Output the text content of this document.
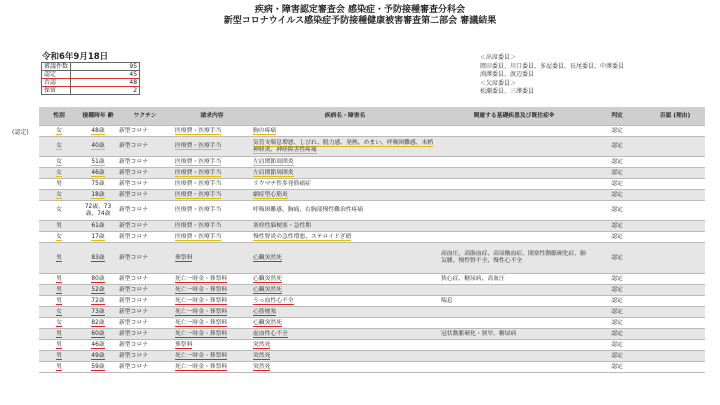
疾病・障害認定審査会 感染症・予防接種審査分科会
新型コロナウイルス感染症予防接種健康被害審査第二部会 審議結果
令和6年9月18日
審議件数	95
認定	45
否認	48
保留	2
＜出席委員＞
岡田委員、川口委員、多屋委員、長尾委員、中澤委員
渕澤委員、渡辺委員
＜欠席委員＞
松瀬委員、三澤委員
(認定)
性別	接種時年 齢	ワクチン	請求内容	疾病名・障害名	関連する基礎疾患及び既往症※	判定	否認 (理由)
女	48歳	新型コロナ	医療費・医療手当	胸の疼痛		認定	
女	40歳	新型コロナ	医療費・医療手当	気管支喘息増悪、しびれ、脱力感、発熱、めまい、呼吸困難感、末梢神経炎、神経障害性疼痛		認定	
女	51歳	新型コロナ	医療費・医療手当	左肩関節周囲炎		認定	
女	46歳	新型コロナ	医療費・医療手当	左肩関節周囲炎		認定	
男	75歳	新型コロナ	医療費・医療手当	リウマチ性多発筋痛症		認定	
女	18歳	新型コロナ	医療費・医療手当	劇症型心筋炎		認定	
女	72歳、73歳、74歳	新型コロナ	医療費・医療手当	呼吸困難感、胸痛、右胸部慢性難治性疼痛		認定	
男	61歳	新型コロナ	医療費・医療手当	塞栓性脳梗塞・急性期		認定	
女	17歳	新型コロナ	医療費・医療手当	慢性腎炎の急性増悪、ステロイドざ瘡		認定	
男	83歳	新型コロナ	葬祭料	心臓突然死	高血圧、高脂血症、高尿酸血症、閉塞性動脈硬化症、肺気腫、慢性腎不全、慢性心不全	認定	
男	80歳	新型コロナ	死亡一時金・葬祭料	心臓突然死	狭心症、糖尿病、高血圧	認定	
男	52歳	新型コロナ	死亡一時金・葬祭料	心臓突然死		認定	
男	72歳	新型コロナ	死亡一時金・葬祭料	うっ血性心不全	喘息	認定	
女	73歳	新型コロナ	死亡一時金・葬祭料	心筋梗塞		認定	
女	82歳	新型コロナ	死亡一時金・葬祭料	心臓突然死		認定	
男	60歳	新型コロナ	死亡一時金・葬祭料	虚血性心不全	冠状動脈硬化・狭窄、糖尿病	認定	
男	46歳	新型コロナ	葬祭料	突然死		認定	
男	49歳	新型コロナ	死亡一時金・葬祭料	突然死		認定	
男	59歳	新型コロナ	死亡一時金・葬祭料	突然死		認定	
